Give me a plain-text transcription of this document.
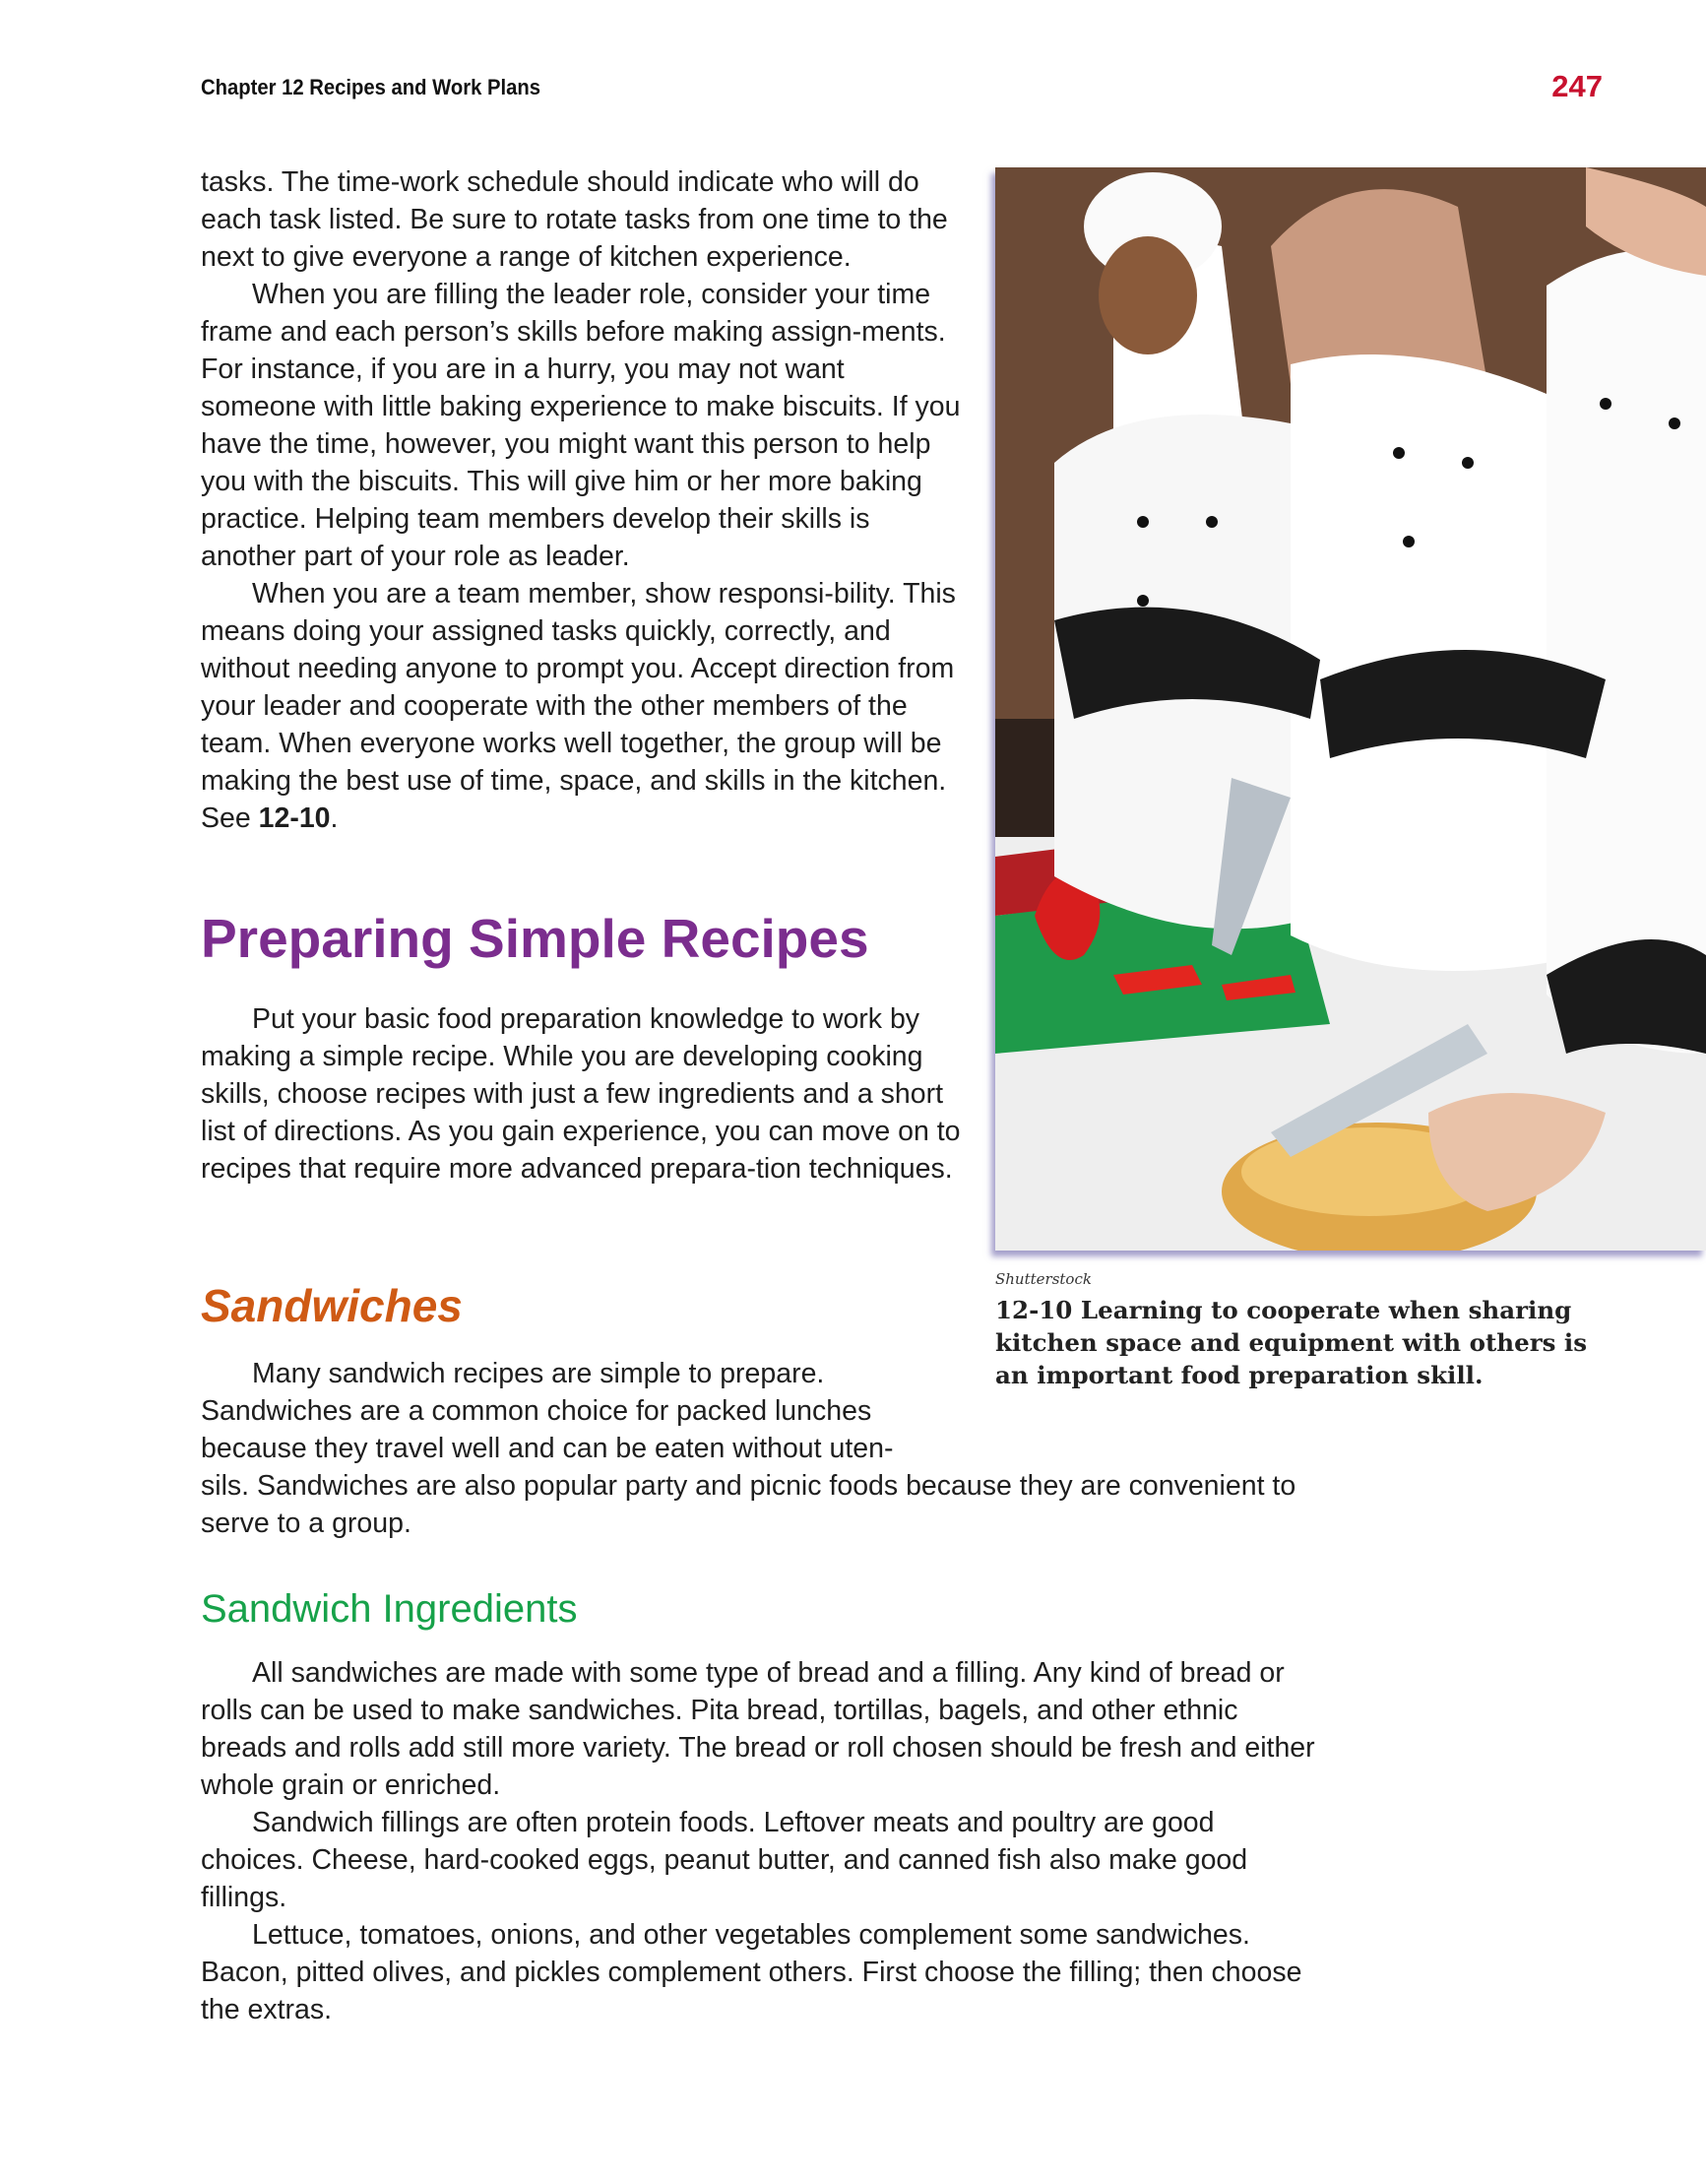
Chapter 12 Recipes and Work Plans	247

tasks. The time-work schedule should indicate who will do each task listed. Be sure to rotate tasks from one time to the next to give everyone a range of kitchen experience.

When you are filling the leader role, consider your time frame and each person’s skills before making assign-ments. For instance, if you are in a hurry, you may not want someone with little baking experience to make biscuits. If you have the time, however, you might want this person to help you with the biscuits. This will give him or her more baking practice. Helping team members develop their skills is another part of your role as leader.

When you are a team member, show responsi-bility. This means doing your assigned tasks quickly, correctly, and without needing anyone to prompt you. Accept direction from your leader and cooperate with the other members of the team. When everyone works well together, the group will be making the best use of time, space, and skills in the kitchen. See 12-10.

Preparing Simple Recipes

Put your basic food preparation knowledge to work by making a simple recipe. While you are developing cooking skills, choose recipes with just a few ingredients and a short list of directions. As you gain experience, you can move on to recipes that require more advanced prepara-tion techniques.

Sandwiches

Many sandwich recipes are simple to prepare. Sandwiches are a common choice for packed lunches because they travel well and can be eaten without uten-

sils. Sandwiches are also popular party and picnic foods because they are convenient to serve to a group.

Sandwich Ingredients

All sandwiches are made with some type of bread and a filling. Any kind of bread or rolls can be used to make sandwiches. Pita bread, tortillas, bagels, and other ethnic breads and rolls add still more variety. The bread or roll chosen should be fresh and either whole grain or enriched.

Sandwich fillings are often protein foods. Leftover meats and poultry are good choices. Cheese, hard-cooked eggs, peanut butter, and canned fish also make good fillings.

Lettuce, tomatoes, onions, and other vegetables complement some sandwiches. Bacon, pitted olives, and pickles complement others. First choose the filling; then choose the extras.

Shutterstock
12-10 Learning to cooperate when sharing kitchen space and equipment with others is an important food preparation skill.
